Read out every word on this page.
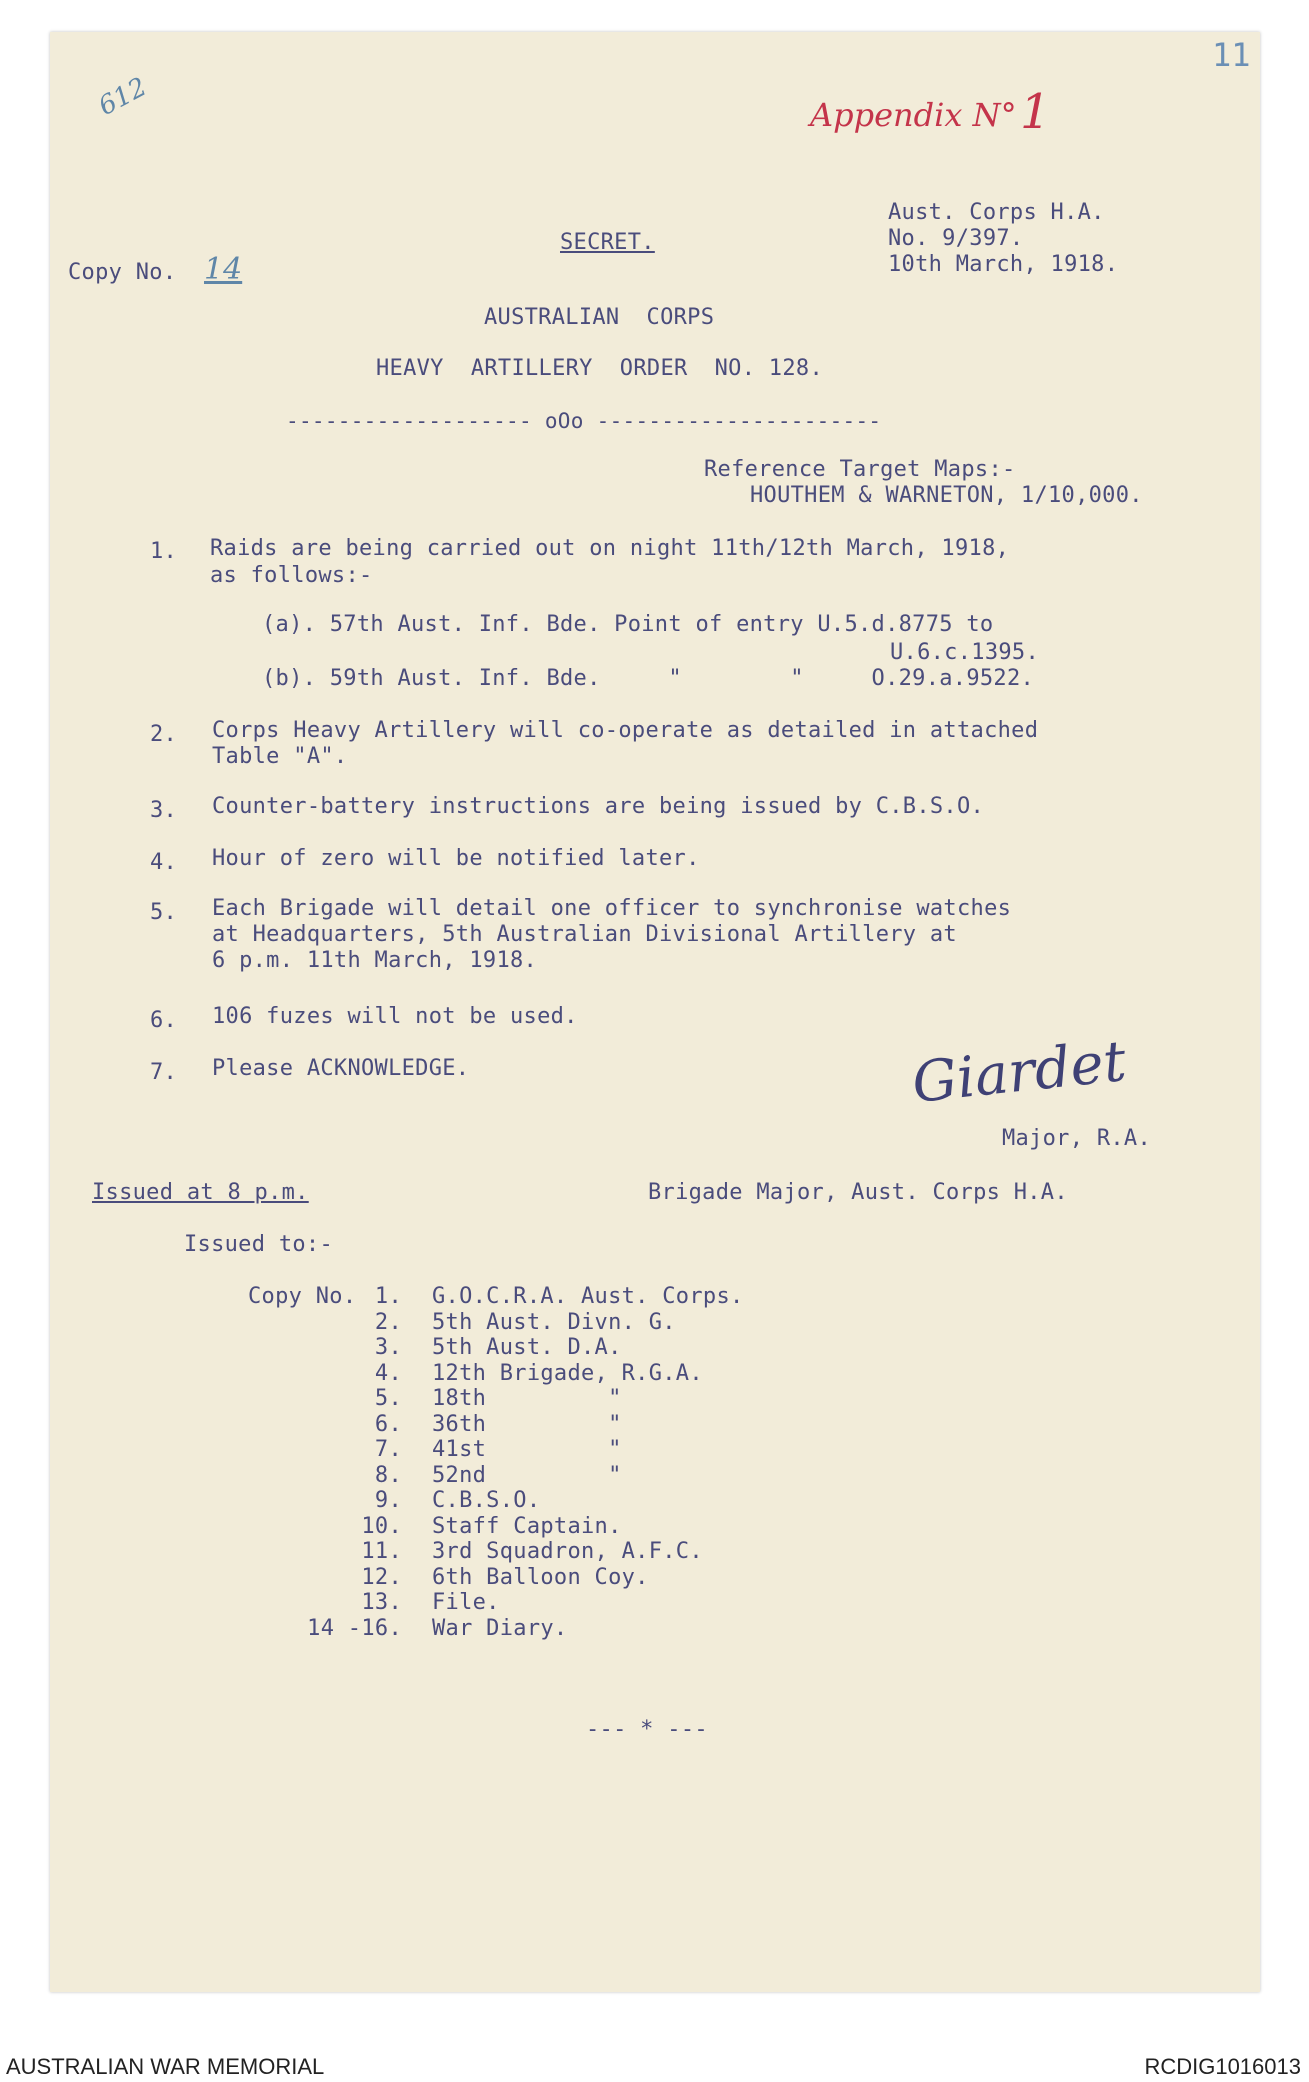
11
612	Appendix N° 1
Aust. Corps H.A.
No. 9/397.
10th March, 1918.
SECRET.
Copy No. 14
AUSTRALIAN  CORPS
HEAVY  ARTILLERY  ORDER  NO. 128.
------------------- oOo ----------------------
Reference Target Maps:-
HOUTHEM & WARNETON, 1/10,000.
1. Raids are being carried out on night 11th/12th March, 1918,
as follows:-
(a). 57th Aust. Inf. Bde. Point of entry U.5.d.8775 to
U.6.c.1395.
(b). 59th Aust. Inf. Bde.     "        "     O.29.a.9522.
2. Corps Heavy Artillery will co-operate as detailed in attached
Table "A".
3. Counter-battery instructions are being issued by C.B.S.O.
4. Hour of zero will be notified later.
5. Each Brigade will detail one officer to synchronise watches
at Headquarters, 5th Australian Divisional Artillery at
6 p.m. 11th March, 1918.
6. 106 fuzes will not be used.
7. Please ACKNOWLEDGE.	Giardet
Major, R.A.
Brigade Major, Aust. Corps H.A.
Issued at 8 p.m.
Issued to:-
Copy No. 1. G.O.C.R.A. Aust. Corps.
2. 5th Aust. Divn. G.
3. 5th Aust. D.A.
4. 12th Brigade, R.G.A.
5. 18th         "
6. 36th         "
7. 41st         "
8. 52nd         "
9. C.B.S.O.
10. Staff Captain.
11. 3rd Squadron, A.F.C.
12. 6th Balloon Coy.
13. File.
14 -16. War Diary.
--- * ---
AUSTRALIAN WAR MEMORIAL	RCDIG1016013
